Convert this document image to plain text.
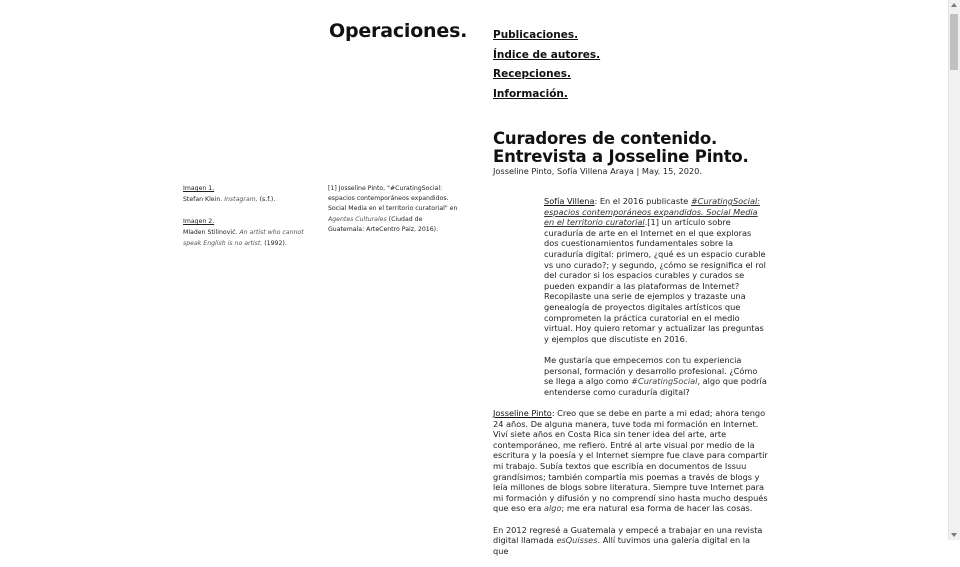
Operaciones. Publicaciones.
Índice de autores.
Recepciones.
Información.
Curadores de contenido.
Entrevista a Josseline Pinto.
Josseline Pinto, Sofía Villena Araya | May. 15, 2020.
Imagen 1.
Stefan Klein. Instagram, (s.f.).
Imagen 2.
Mladen Stilinović. An artist who cannot speak English is no artist, (1992).
[1] Josseline Pinto, "#CuratingSocial: espacios contemporáneos expandidos. Social Media en el territorio curatorial" en Agentes Culturales (Ciudad de Guatemala: ArteCentro Paiz, 2016).

Sofía Villena: En el 2016 publicaste #CuratingSocial: espacios contemporáneos expandidos. Social Media en el territorio curatorial.[1] un artículo sobre curaduría de arte en el Internet en el que exploras dos cuestionamientos fundamentales sobre la curaduría digital: primero, ¿qué es un espacio curable vs uno curado?; y segundo, ¿cómo se resignifica el rol del curador si los espacios curables y curados se pueden expandir a las plataformas de Internet? Recopilaste una serie de ejemplos y trazaste una genealogía de proyectos digitales artísticos que comprometen la práctica curatorial en el medio virtual. Hoy quiero retomar y actualizar las preguntas y ejemplos que discutiste en 2016.

Me gustaría que empecemos con tu experiencia personal, formación y desarrollo profesional. ¿Cómo se llega a algo como #CuratingSocial, algo que podría entenderse como curaduría digital?

Josseline Pinto: Creo que se debe en parte a mi edad; ahora tengo 24 años. De alguna manera, tuve toda mi formación en Internet. Viví siete años en Costa Rica sin tener idea del arte, arte contemporáneo, me refiero. Entré al arte visual por medio de la escritura y la poesía y el Internet siempre fue clave para compartir mi trabajo. Subía textos que escribía en documentos de Issuu grandísimos; también compartía mis poemas a través de blogs y leía millones de blogs sobre literatura. Siempre tuve Internet para mi formación y difusión y no comprendí sino hasta mucho después que eso era algo; me era natural esa forma de hacer las cosas.

En 2012 regresé a Guatemala y empecé a trabajar en una revista digital llamada esQuisses. Allí tuvimos una galería digital en la que
